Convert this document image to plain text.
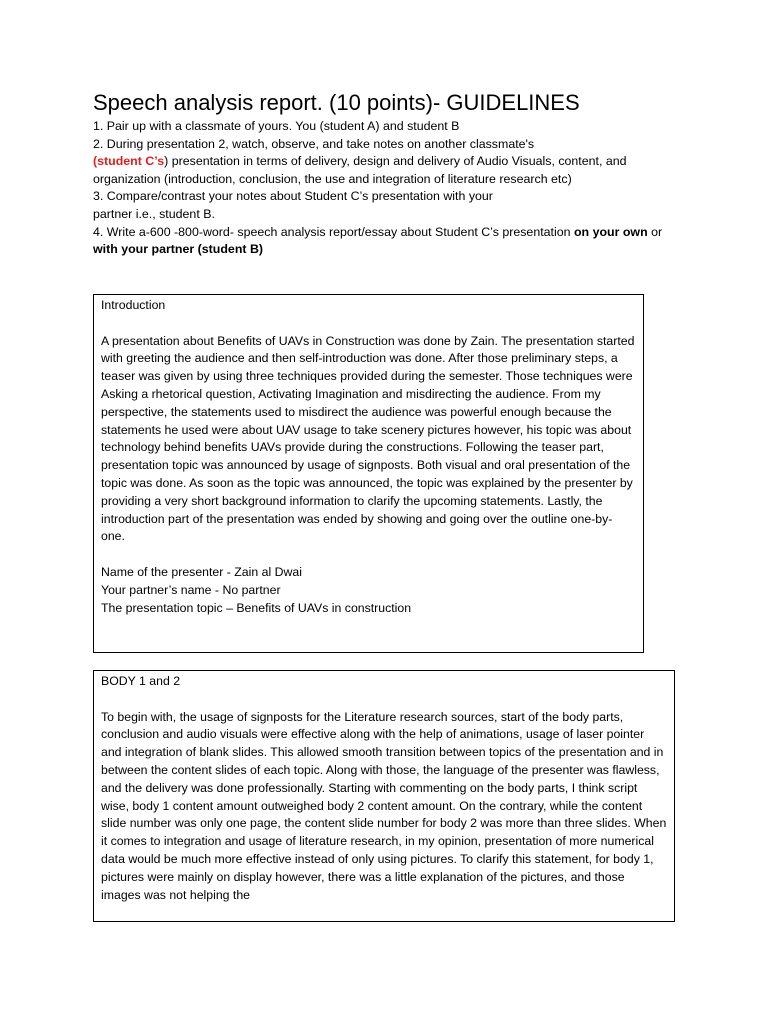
Speech analysis report. (10 points)- GUIDELINES

1. Pair up with a classmate of yours. You (student A) and student B

2. During presentation 2, watch, observe, and take notes on another classmate's
(student C’s) presentation in terms of delivery, design and delivery of Audio Visuals, content, and organization (introduction, conclusion, the use and integration of literature research etc)

3. Compare/contrast your notes about Student C’s presentation with your
partner i.e., student B.

4. Write a-600 -800-word- speech analysis report/essay about Student C’s presentation on your own or with your partner (student B)

Introduction

A presentation about Benefits of UAVs in Construction was done by Zain. The presentation started with greeting the audience and then self-introduction was done. After those preliminary steps, a teaser was given by using three techniques provided during the semester. Those techniques were Asking a rhetorical question, Activating Imagination and misdirecting the audience. From my perspective, the statements used to misdirect the audience was powerful enough because the statements he used were about UAV usage to take scenery pictures however, his topic was about technology behind benefits UAVs provide during the constructions. Following the teaser part, presentation topic was announced by usage of signposts. Both visual and oral presentation of the topic was done. As soon as the topic was announced, the topic was explained by the presenter by providing a very short background information to clarify the upcoming statements. Lastly, the introduction part of the presentation was ended by showing and going over the outline one-by-one.

Name of the presenter - Zain al Dwai

Your partner’s name - No partner

The presentation topic – Benefits of UAVs in construction

BODY 1 and 2

To begin with, the usage of signposts for the Literature research sources, start of the body parts, conclusion and audio visuals were effective along with the help of animations, usage of laser pointer and integration of blank slides. This allowed smooth transition between topics of the presentation and in between the content slides of each topic. Along with those, the language of the presenter was flawless, and the delivery was done professionally. Starting with commenting on the body parts, I think script wise, body 1 content amount outweighed body 2 content amount. On the contrary, while the content slide number was only one page, the content slide number for body 2 was more than three slides. When it comes to integration and usage of literature research, in my opinion, presentation of more numerical data would be much more effective instead of only using pictures. To clarify this statement, for body 1, pictures were mainly on display however, there was a little explanation of the pictures, and those images was not helping the
